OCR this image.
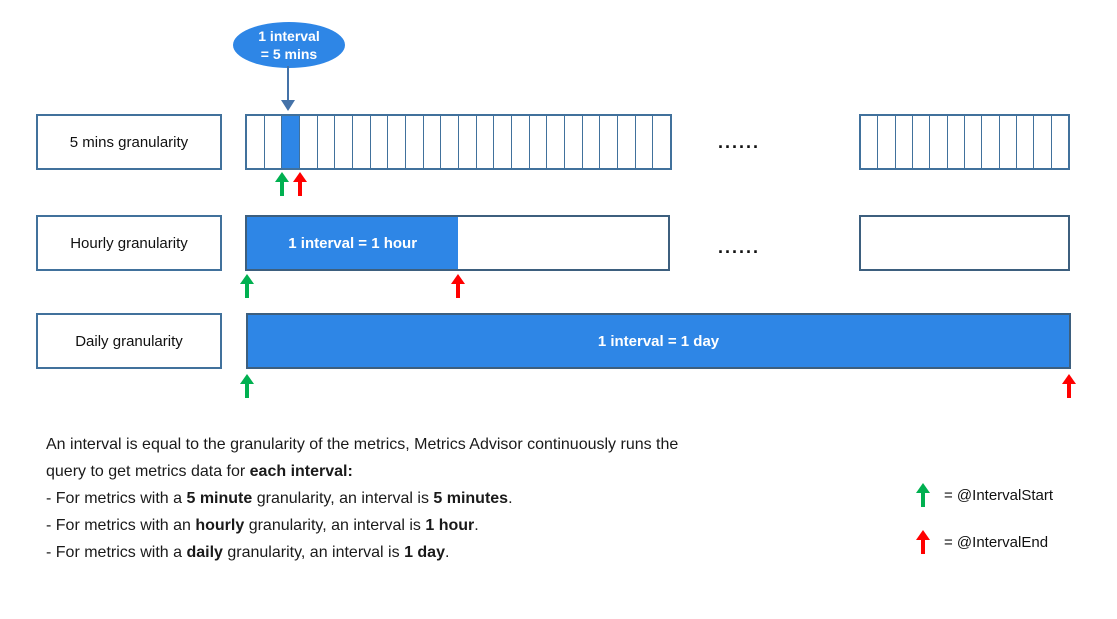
1 interval
= 5 mins
5 mins granularity	......
Hourly granularity	1 interval = 1 hour	......
Daily granularity	1 interval = 1 day
An interval is equal to the granularity of the metrics, Metrics Advisor continuously runs the
query to get metrics data for each interval:
- For metrics with a 5 minute granularity, an interval is 5 minutes.
- For metrics with an hourly granularity, an interval is 1 hour.
- For metrics with a daily granularity, an interval is 1 day.
= @IntervalStart
= @IntervalEnd
